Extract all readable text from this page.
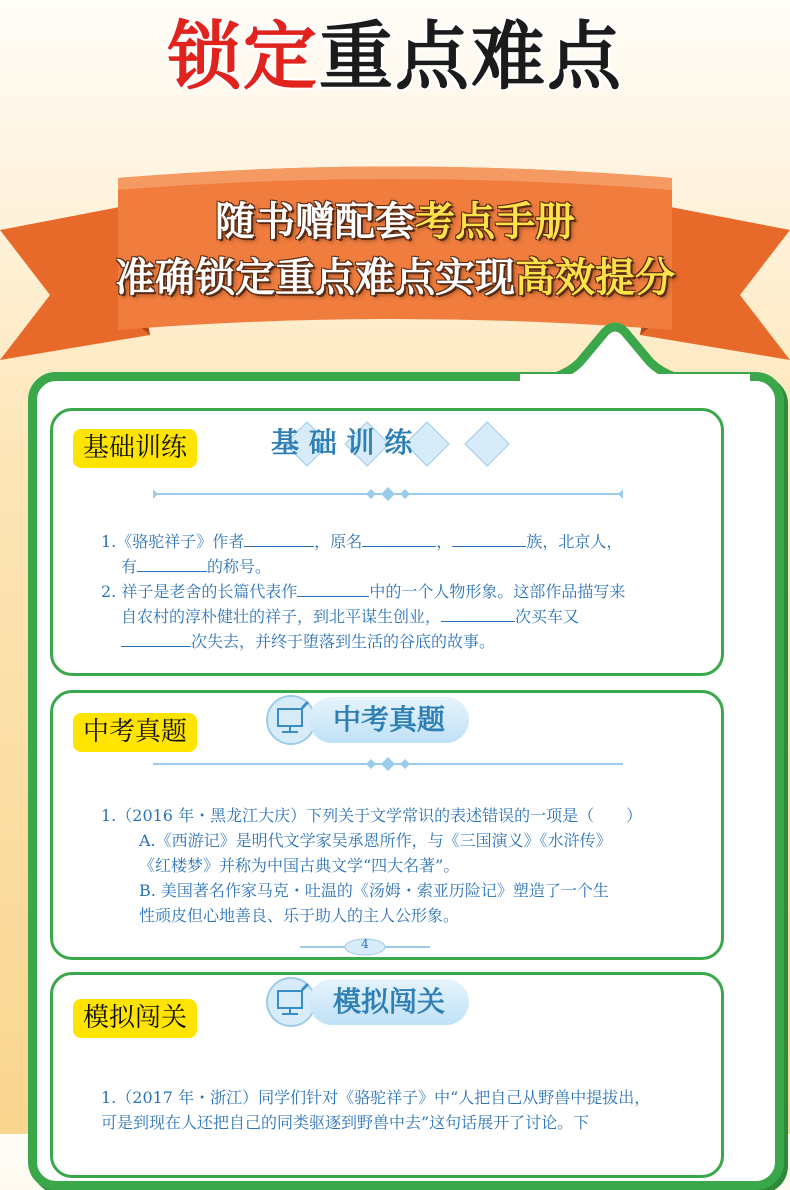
锁定重点难点
随书赠配套考点手册
准确锁定重点难点实现高效提分
基础训练	基 础 训 练

1.《骆驼祥子》作者	，原名	，	族，北京人，

有	的称号。

2. 祥子是老舍的长篇代表作	中的一个人物形象。这部作品描写来

自农村的淳朴健壮的祥子，到北平谋生创业，	次买车又

次失去，并终于堕落到生活的谷底的故事。

中考真题	中考真题

1.（2016 年・黑龙江大庆）下列关于文学常识的表述错误的一项是（　　）

A.《西游记》是明代文学家吴承恩所作，与《三国演义》《水浒传》

《红楼梦》并称为中国古典文学“四大名著”。

B. 美国著名作家马克・吐温的《汤姆・索亚历险记》塑造了一个生

性顽皮但心地善良、乐于助人的主人公形象。

4
模拟闯关	模拟闯关

1.（2017 年・浙江）同学们针对《骆驼祥子》中“人把自己从野兽中提拔出，

可是到现在人还把自己的同类驱逐到野兽中去”这句话展开了讨论。下
